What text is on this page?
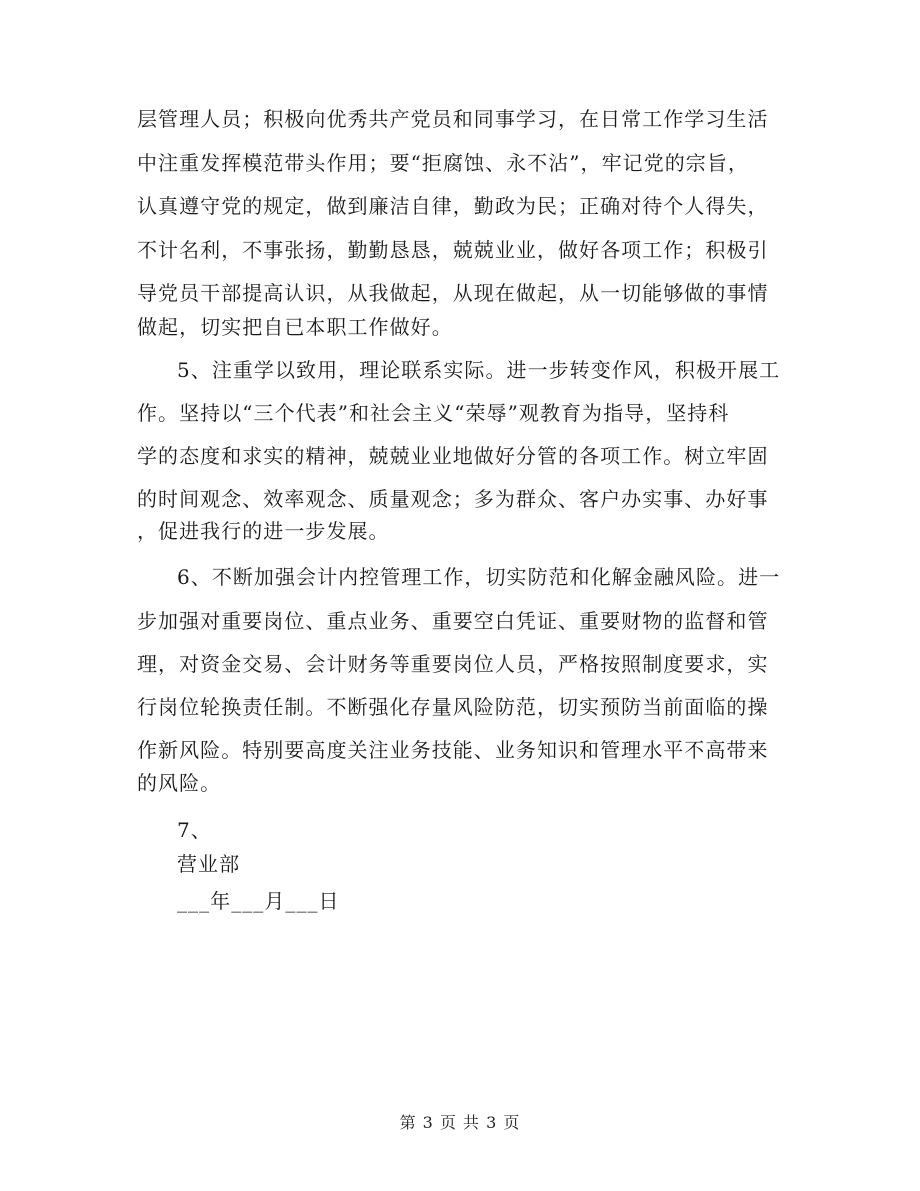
层管理人员；积极向优秀共产党员和同事学习，在日常工作学习生活
中注重发挥模范带头作用；要“拒腐蚀、永不沾”，牢记党的宗旨，
认真遵守党的规定，做到廉洁自律，勤政为民；正确对待个人得失，
不计名利，不事张扬，勤勤恳恳，兢兢业业，做好各项工作；积极引
导党员干部提高认识，从我做起，从现在做起，从一切能够做的事情
做起，切实把自已本职工作做好。
5、注重学以致用，理论联系实际。进一步转变作风，积极开展工
作。坚持以“三个代表”和社会主义“荣辱”观教育为指导，坚持科
学的态度和求实的精神，兢兢业业地做好分管的各项工作。树立牢固
的时间观念、效率观念、质量观念；多为群众、客户办实事、办好事
，促进我行的进一步发展。
6、不断加强会计内控管理工作，切实防范和化解金融风险。进一
步加强对重要岗位、重点业务、重要空白凭证、重要财物的监督和管
理，对资金交易、会计财务等重要岗位人员，严格按照制度要求，实
行岗位轮换责任制。不断强化存量风险防范，切实预防当前面临的操
作新风险。特别要高度关注业务技能、业务知识和管理水平不高带来
的风险。
7、
营业部
___年___月___日
第 3 页 共 3 页
